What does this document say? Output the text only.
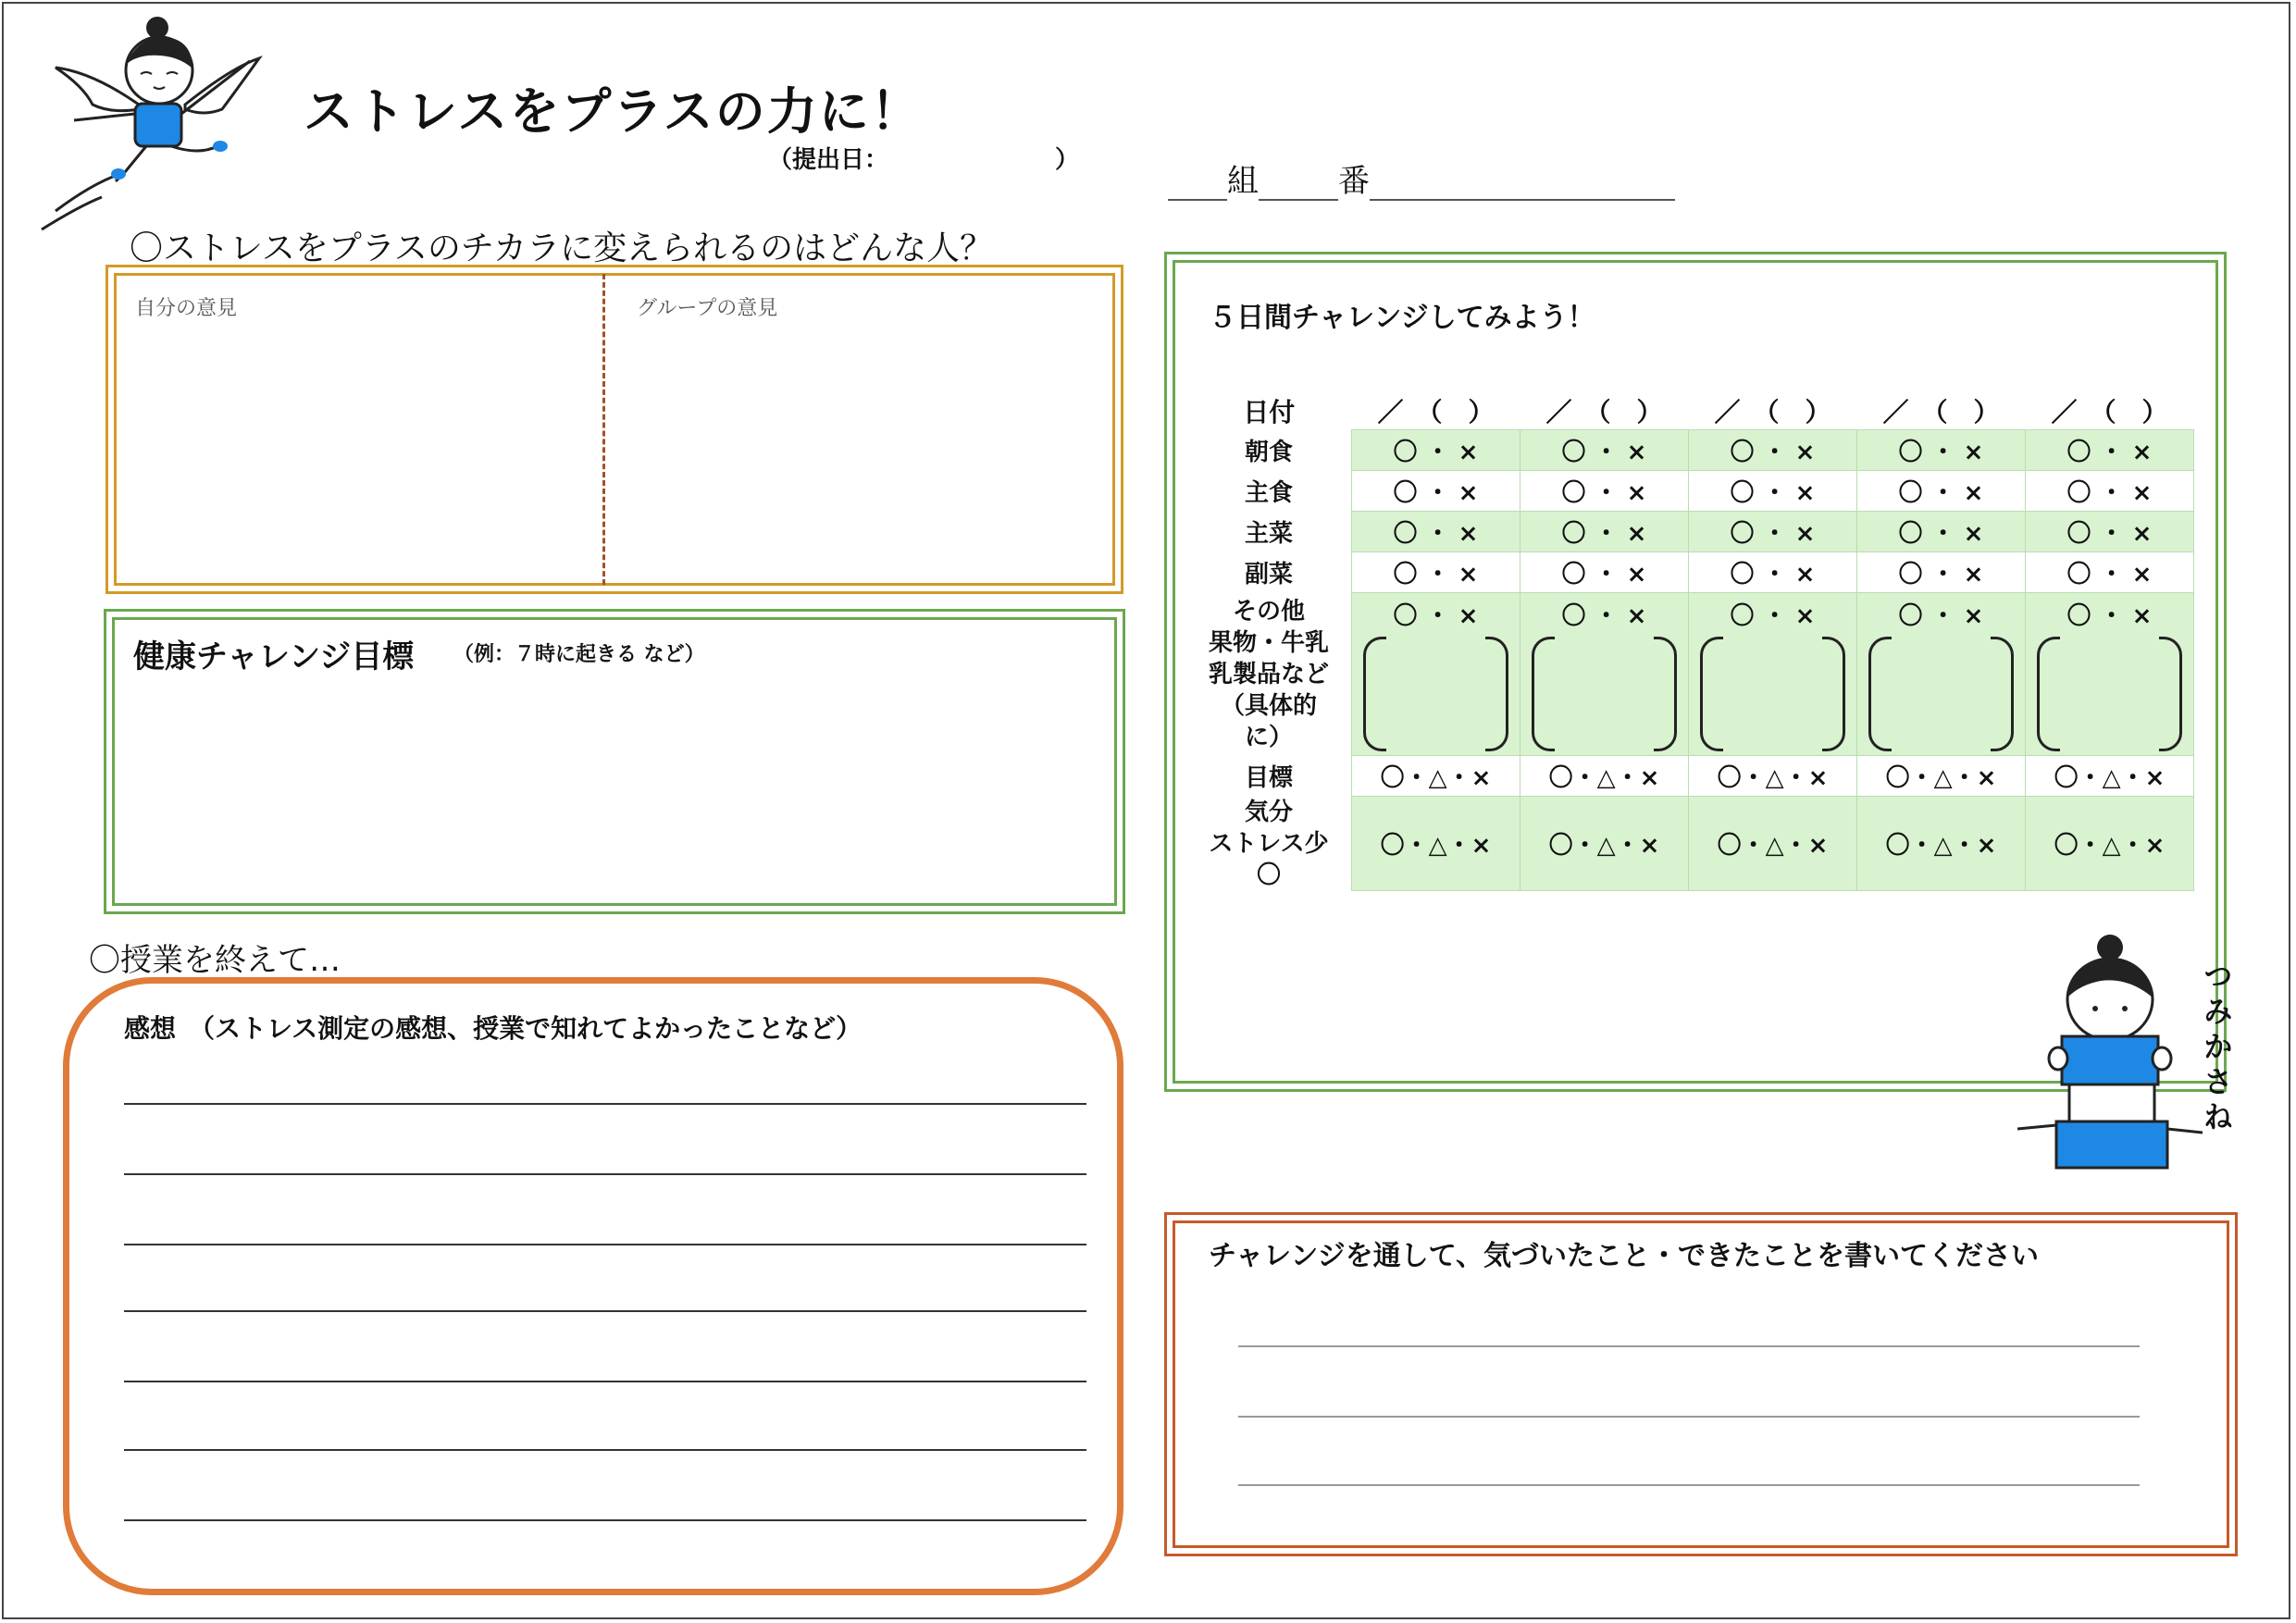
ストレスをプラスの力に！
（提出日：	）
組	番
〇ストレスをプラスのチカラに変えられるのはどんな人？
自分の意見	グループの意見
健康チャレンジ目標 （例：７時に起きる など）
〇授業を終えて…
感想　（ストレス測定の感想、授業で知れてよかったことなど）
５日間チャレンジしてみよう！
日付	／　（　）	／　（　）	／　（　）	／　（　）	／　（　）
朝食	〇 ・ ×	〇 ・ ×	〇 ・ ×	〇 ・ ×	〇 ・ ×
主食	〇 ・ ×	〇 ・ ×	〇 ・ ×	〇 ・ ×	〇 ・ ×
主菜	〇 ・ ×	〇 ・ ×	〇 ・ ×	〇 ・ ×	〇 ・ ×
副菜	〇 ・ ×	〇 ・ ×	〇 ・ ×	〇 ・ ×	〇 ・ ×

その他
果物・牛乳
乳製品など
（具体的
に）	〇 ・ ×	〇 ・ ×	〇 ・ ×	〇 ・ ×	〇 ・ ×

目標	〇・△・×	〇・△・×	〇・△・×	〇・△・×	〇・△・×

気分
ストレス少
〇	〇・△・×	〇・△・×	〇・△・×	〇・△・×	〇・△・×
つみかさね
チャレンジを通して、気づいたこと・できたことを書いてください
